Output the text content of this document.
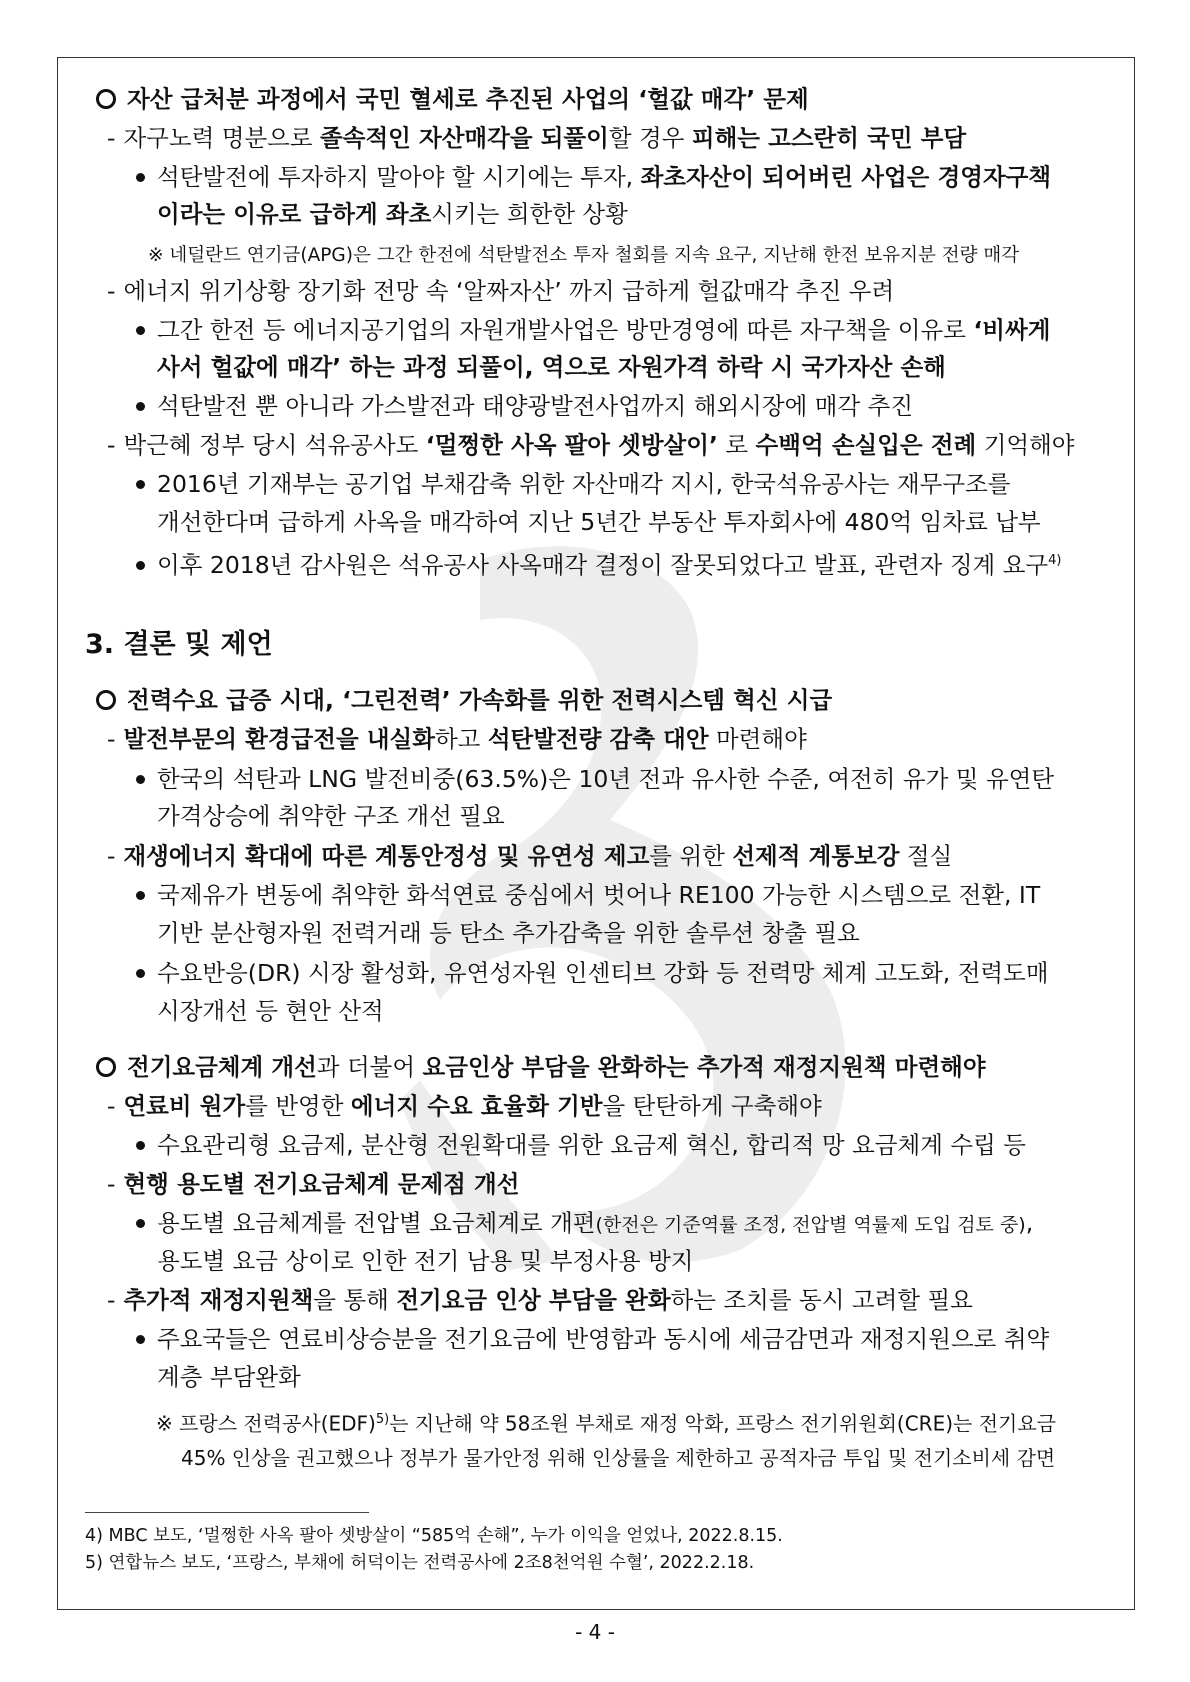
자산 급처분 과정에서 국민 혈세로 추진된 사업의 ‘헐값 매각’ 문제
- 자구노력 명분으로 졸속적인 자산매각을 되풀이할 경우 피해는 고스란히 국민 부담
석탄발전에 투자하지 말아야 할 시기에는 투자, 좌초자산이 되어버린 사업은 경영자구책
이라는 이유로 급하게 좌초시키는 희한한 상황
※ 네덜란드 연기금(APG)은 그간 한전에 석탄발전소 투자 철회를 지속 요구, 지난해 한전 보유지분 전량 매각
- 에너지 위기상황 장기화 전망 속 ‘알짜자산’ 까지 급하게 헐값매각 추진 우려
그간 한전 등 에너지공기업의 자원개발사업은 방만경영에 따른 자구책을 이유로 ‘비싸게
사서 헐값에 매각’ 하는 과정 되풀이, 역으로 자원가격 하락 시 국가자산 손해
석탄발전 뿐 아니라 가스발전과 태양광발전사업까지 해외시장에 매각 추진
- 박근혜 정부 당시 석유공사도 ‘멀쩡한 사옥 팔아 셋방살이’ 로 수백억 손실입은 전례 기억해야
2016년 기재부는 공기업 부채감축 위한 자산매각 지시, 한국석유공사는 재무구조를
개선한다며 급하게 사옥을 매각하여 지난 5년간 부동산 투자회사에 480억 임차료 납부
이후 2018년 감사원은 석유공사 사옥매각 결정이 잘못되었다고 발표, 관련자 징계 요구$^{4)}$
3. 결론 및 제언
전력수요 급증 시대, ‘그린전력’ 가속화를 위한 전력시스템 혁신 시급
- 발전부문의 환경급전을 내실화하고 석탄발전량 감축 대안 마련해야
한국의 석탄과 LNG 발전비중(63.5%)은 10년 전과 유사한 수준, 여전히 유가 및 유연탄
가격상승에 취약한 구조 개선 필요
- 재생에너지 확대에 따른 계통안정성 및 유연성 제고를 위한 선제적 계통보강 절실
국제유가 변동에 취약한 화석연료 중심에서 벗어나 RE100 가능한 시스템으로 전환, IT
기반 분산형자원 전력거래 등 탄소 추가감축을 위한 솔루션 창출 필요
수요반응(DR) 시장 활성화, 유연성자원 인센티브 강화 등 전력망 체계 고도화, 전력도매
시장개선 등 현안 산적
전기요금체계 개선과 더불어 요금인상 부담을 완화하는 추가적 재정지원책 마련해야
- 연료비 원가를 반영한 에너지 수요 효율화 기반을 탄탄하게 구축해야
수요관리형 요금제, 분산형 전원확대를 위한 요금제 혁신, 합리적 망 요금체계 수립 등
- 현행 용도별 전기요금체계 문제점 개선
용도별 요금체계를 전압별 요금체계로 개편(한전은 기준역률 조정, 전압별 역률제 도입 검토 중),
용도별 요금 상이로 인한 전기 남용 및 부정사용 방지
- 추가적 재정지원책을 통해 전기요금 인상 부담을 완화하는 조치를 동시 고려할 필요
주요국들은 연료비상승분을 전기요금에 반영함과 동시에 세금감면과 재정지원으로 취약
계층 부담완화
※ 프랑스 전력공사(EDF)$^{5)}$는 지난해 약 58조원 부채로 재정 악화, 프랑스 전기위원회(CRE)는 전기요금
45% 인상을 권고했으나 정부가 물가안정 위해 인상률을 제한하고 공적자금 투입 및 전기소비세 감면
4) MBC 보도, ‘멀쩡한 사옥 팔아 셋방살이 “585억 손해”, 누가 이익을 얻었나, 2022.8.15.
5) 연합뉴스 보도, ‘프랑스, 부채에 허덕이는 전력공사에 2조8천억원 수혈’, 2022.2.18.
- 4 -
